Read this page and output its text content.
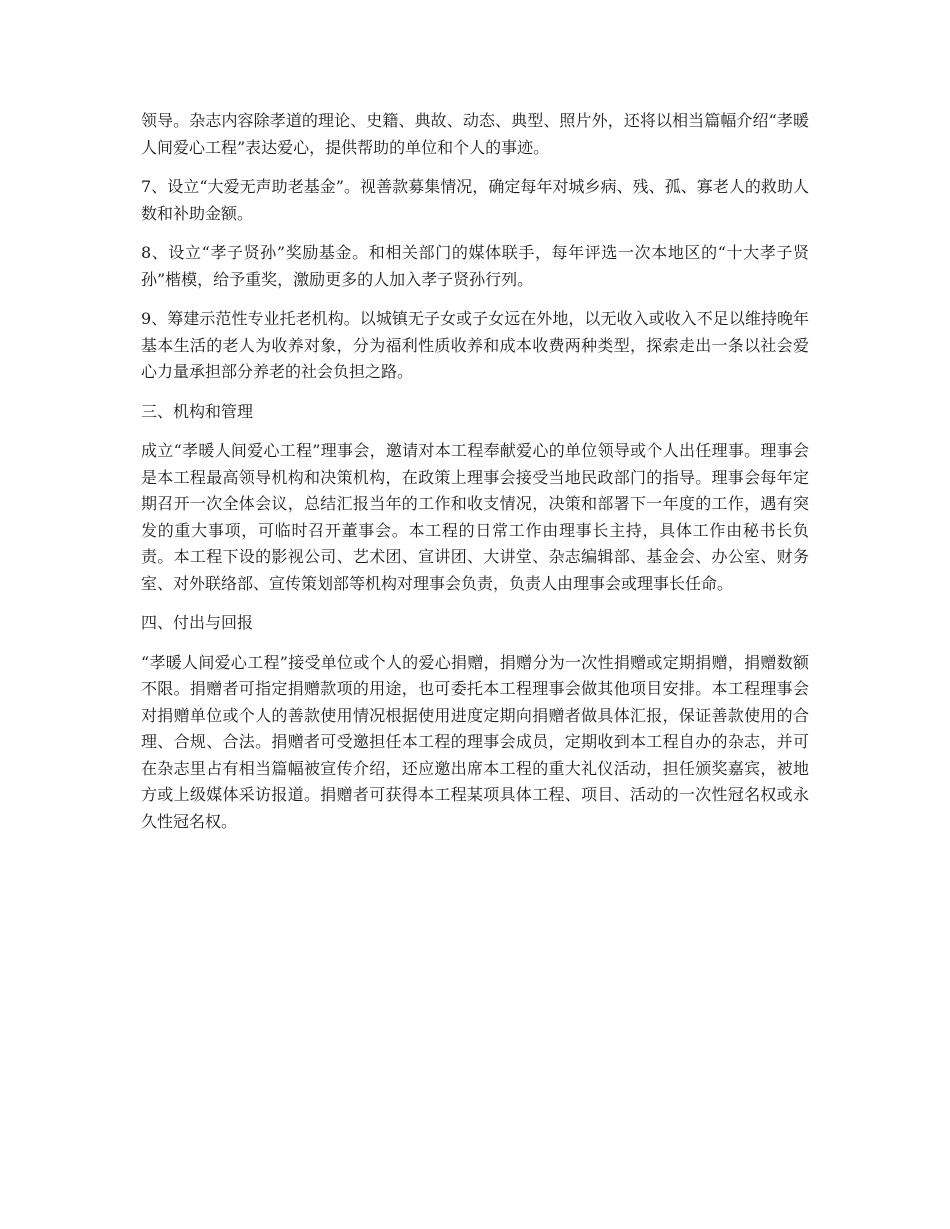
领导。杂志内容除孝道的理论、史籍、典故、动态、典型、照片外，还将以相当篇幅介绍“孝暖人间爱心工程”表达爱心，提供帮助的单位和个人的事迹。

7、设立“大爱无声助老基金”。视善款募集情况，确定每年对城乡病、残、孤、寡老人的救助人数和补助金额。

8、设立“孝子贤孙”奖励基金。和相关部门的媒体联手，每年评选一次本地区的“十大孝子贤孙”楷模，给予重奖，激励更多的人加入孝子贤孙行列。

9、筹建示范性专业托老机构。以城镇无子女或子女远在外地，以无收入或收入不足以维持晚年基本生活的老人为收养对象，分为福利性质收养和成本收费两种类型，探索走出一条以社会爱心力量承担部分养老的社会负担之路。

三、机构和管理

成立“孝暖人间爱心工程”理事会，邀请对本工程奉献爱心的单位领导或个人出任理事。理事会是本工程最高领导机构和决策机构，在政策上理事会接受当地民政部门的指导。理事会每年定期召开一次全体会议，总结汇报当年的工作和收支情况，决策和部署下一年度的工作，遇有突发的重大事项，可临时召开董事会。本工程的日常工作由理事长主持，具体工作由秘书长负责。本工程下设的影视公司、艺术团、宣讲团、大讲堂、杂志编辑部、基金会、办公室、财务室、对外联络部、宣传策划部等机构对理事会负责，负责人由理事会或理事长任命。

四、付出与回报

“孝暖人间爱心工程”接受单位或个人的爱心捐赠，捐赠分为一次性捐赠或定期捐赠，捐赠数额不限。捐赠者可指定捐赠款项的用途，也可委托本工程理事会做其他项目安排。本工程理事会对捐赠单位或个人的善款使用情况根据使用进度定期向捐赠者做具体汇报，保证善款使用的合理、合规、合法。捐赠者可受邀担任本工程的理事会成员，定期收到本工程自办的杂志，并可在杂志里占有相当篇幅被宣传介绍，还应邀出席本工程的重大礼仪活动，担任颁奖嘉宾，被地方或上级媒体采访报道。捐赠者可获得本工程某项具体工程、项目、活动的一次性冠名权或永久性冠名权。
